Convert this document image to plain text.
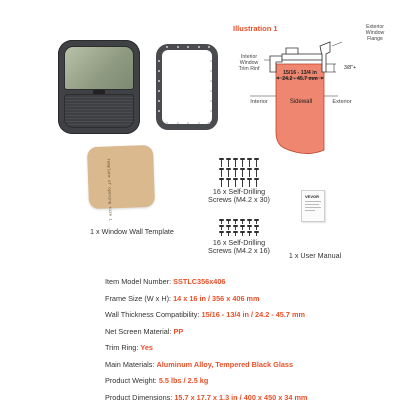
Illustration 1
Interior
Window
Trim Rinf
Exterior
Window
Flange
15/16 - 13/4 in
24.2 - 45.7 mm
3/8"+
Interior	Sidewall	Exterior
Template of opening size 1
1 x Window Wall Template
16 x Self-Drilling
Screws (M4.2 x 30)
16 x Self-Drilling
Screws (M4.2 x 16)
VEVOR
1 x User Manual
Item Model Number: SSTLC356x406
Frame Size (W x H): 14 x 16 in / 356 x 406 mm
Wall Thickness Compatibility: 15/16 - 13/4 in / 24.2 - 45.7 mm
Net Screen Material: PP
Trim Ring: Yes
Main Materials: Aluminum Alloy, Tempered Black Glass
Product Weight: 5.5 lbs / 2.5 kg
Product Dimensions: 15.7 x 17.7 x 1.3 in / 400 x 450 x 34 mm
